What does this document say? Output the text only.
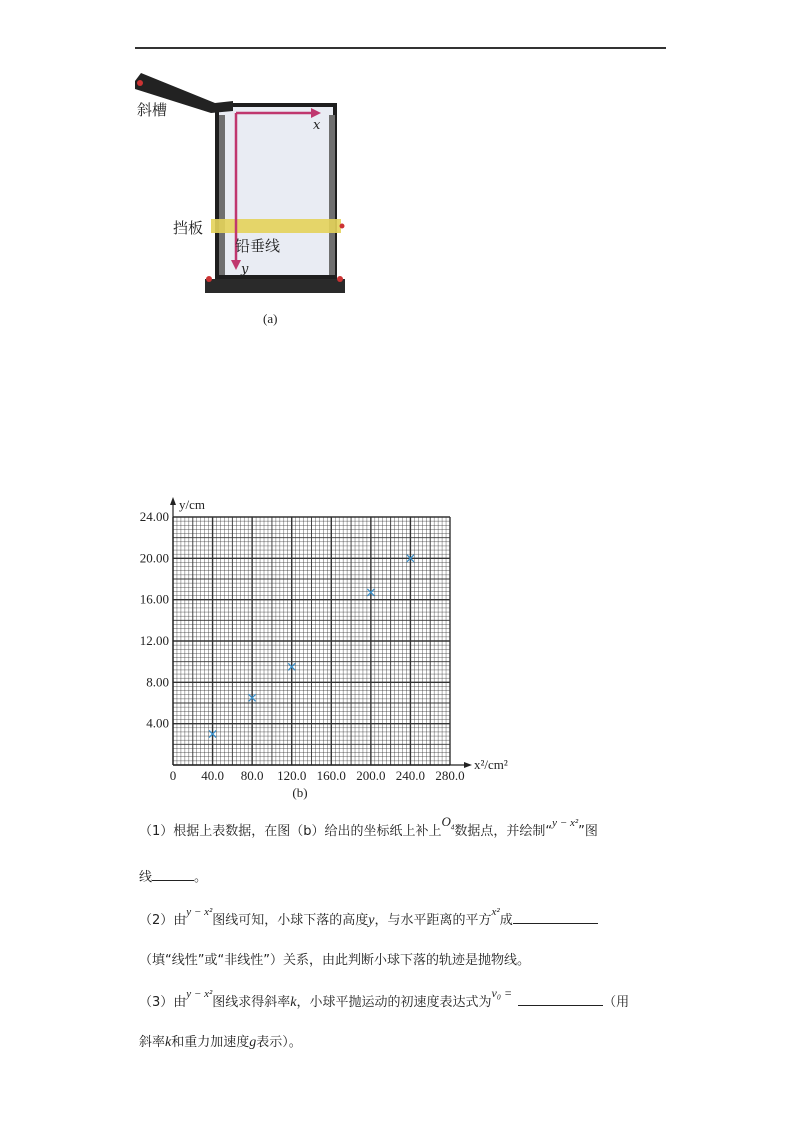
斜槽
挡板
铅垂线
x
y
(a)
0 40.0 80.0 120.0 160.0 200.0 240.0 280.0
4.00
8.00
12.00
16.00
20.00
24.00
y/cm
x²/cm²
(b)
（1）根据上表数据，在图（b）给出的坐标纸上补上$O_4$数据点，并绘制“$^{y - x^2}$”图
线	。
（2）由$^{y - x^2}$图线可知，小球下落的高度y，与水平距离的平方$^{x^2}$成
（填“线性”或“非线性”）关系，由此判断小球下落的轨迹是抛物线。
（3）由$^{y - x^2}$图线求得斜率k，小球平抛运动的初速度表达式为v₀ =（用
斜率k和重力加速度g表示）。
